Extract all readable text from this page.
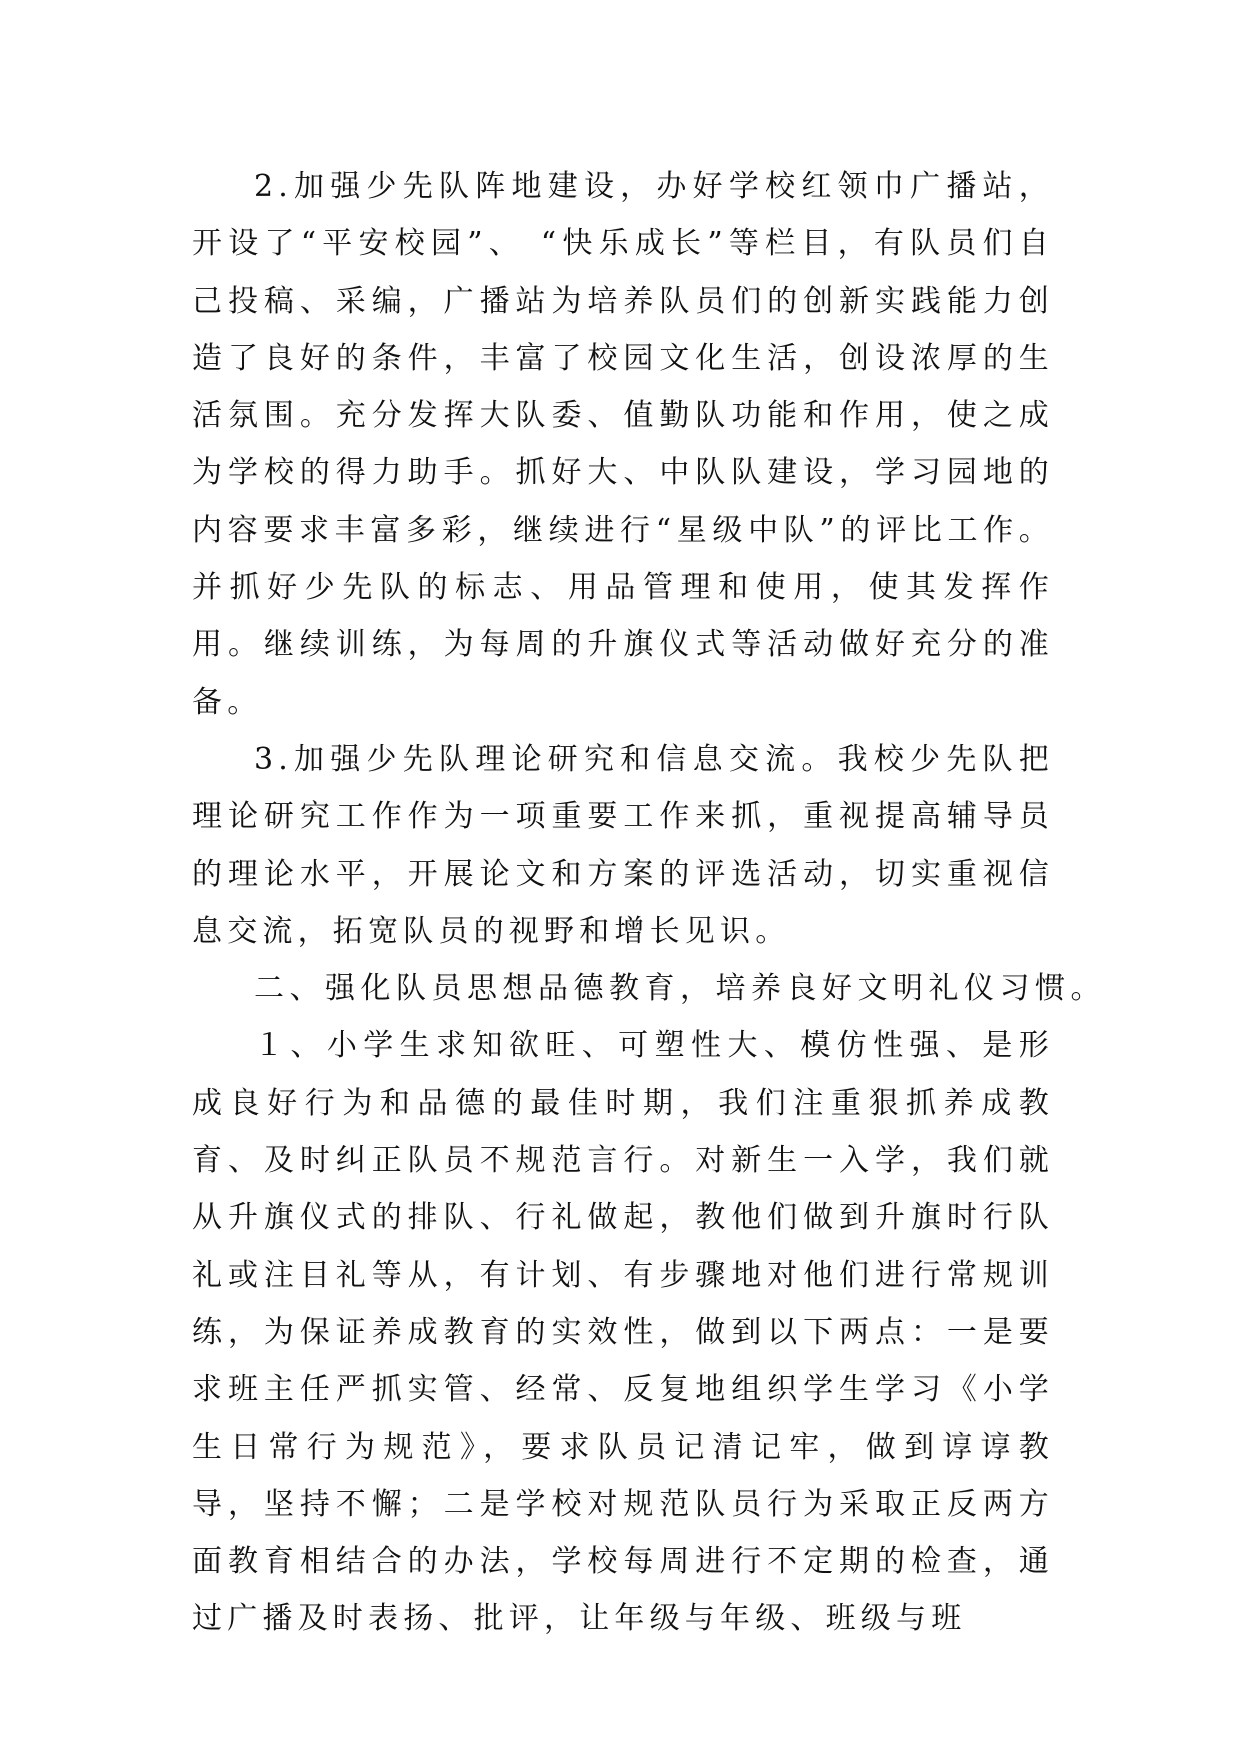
2.加强少先队阵地建设，办好学校红领巾广播站，开设了“平安校园”、 “快乐成长”等栏目，有队员们自己投稿、采编，广播站为培养队员们的创新实践能力创造了良好的条件，丰富了校园文化生活，创设浓厚的生活氛围。充分发挥大队委、值勤队功能和作用，使之成为学校的得力助手。抓好大、中队队建设，学习园地的内容要求丰富多彩，继续进行“星级中队”的评比工作。并抓好少先队的标志、用品管理和使用，使其发挥作用。继续训练，为每周的升旗仪式等活动做好充分的准备。

3.加强少先队理论研究和信息交流。我校少先队把理论研究工作作为一项重要工作来抓，重视提高辅导员的理论水平，开展论文和方案的评选活动，切实重视信息交流，拓宽队员的视野和增长见识。

二、强化队员思想品德教育，培养良好文明礼仪习惯。

１、小学生求知欲旺、可塑性大、模仿性强、是形成良好行为和品德的最佳时期，我们注重狠抓养成教育、及时纠正队员不规范言行。对新生一入学，我们就从升旗仪式的排队、行礼做起，教他们做到升旗时行队礼或注目礼等从，有计划、有步骤地对他们进行常规训练，为保证养成教育的实效性，做到以下两点：一是要求班主任严抓实管、经常、反复地组织学生学习《小学生日常行为规范》，要求队员记清记牢，做到谆谆教导，坚持不懈；二是学校对规范队员行为采取正反两方面教育相结合的办法，学校每周进行不定期的检查，通过广播及时表扬、批评，让年级与年级、班级与班
